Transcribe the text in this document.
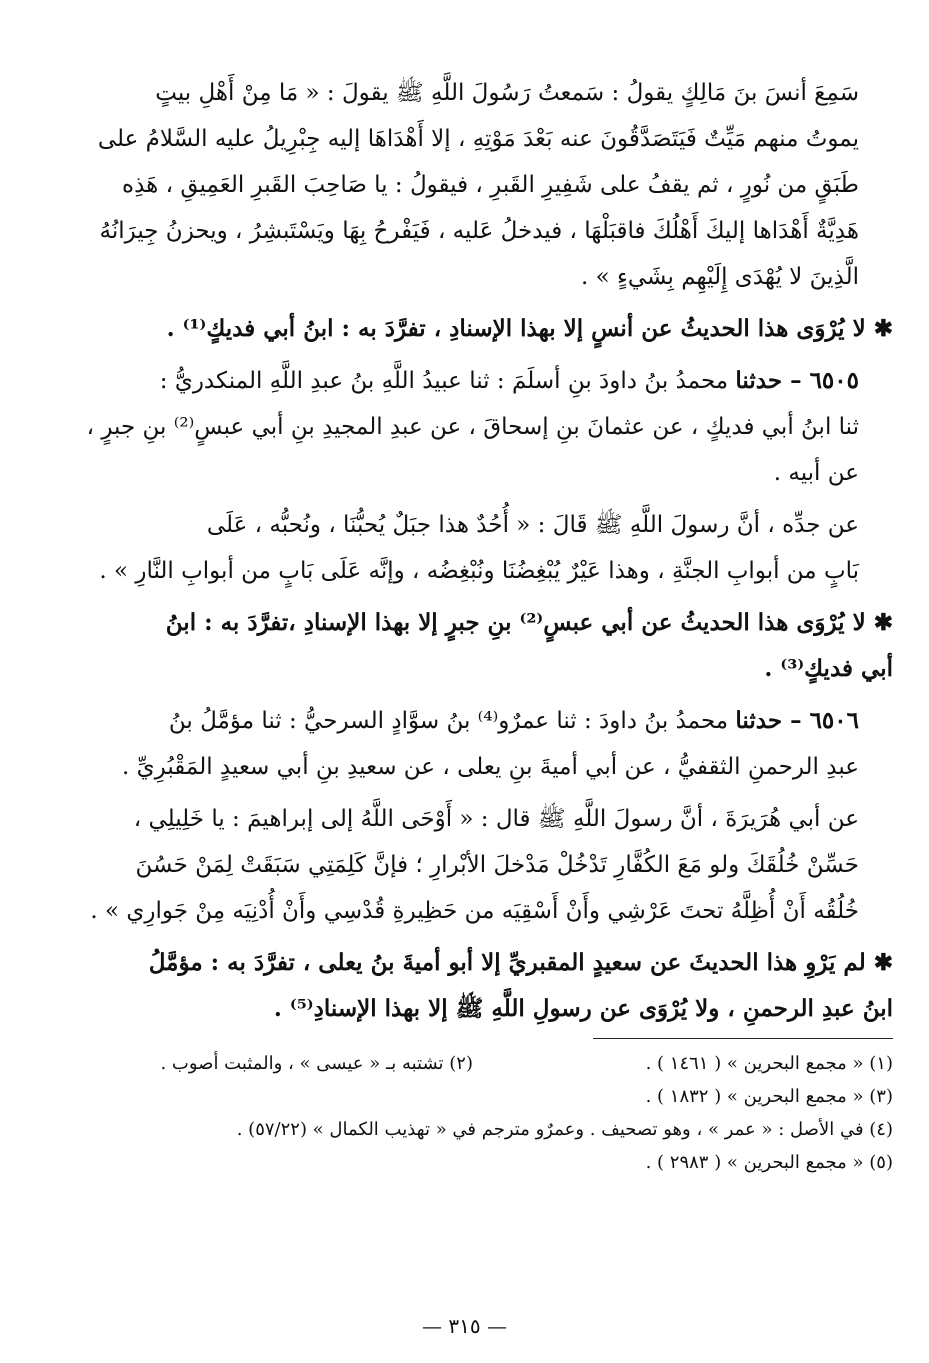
سَمِعَ أنسَ بنَ مَالِكٍ يقولُ : سَمعتُ رَسُولَ اللَّهِ ﷺ يقولَ : « مَا مِنْ أَهْلِ بيتٍ
يموتُ منهم مَيِّتٌ فَيَتَصَدَّقُونَ عنه بَعْدَ مَوْتِهِ ، إلا أَهْدَاهَا إليه جِبْرِيلُ عليه السَّلامُ على
طَبَقٍ من نُورٍ ، ثم يقفُ على شَفِيرِ القَبرِ ، فيقولُ : يا صَاحِبَ القَبرِ العَمِيقِ ، هَذِه
هَدِيَّةٌ أَهْدَاها إليكَ أَهْلُكَ فاقبَلْهَا ، فيدخلُ عَليه ، فَيَفْرحُ بِهَا ويَسْتَبشِرُ ، ويحزنُ جِيرَانُهُ
الَّذِينَ لا يُهْدَى إِلَيْهِم بِشَيءٍ » .
✱ لا يُرْوَى هذا الحديثُ عن أنسٍ إلا بهذا الإسنادِ ، تفرَّدَ به : ابنُ أبي فديكٍ⁽¹⁾ .
٦٥٠٥ – حدثنا محمدُ بنُ داودَ بنِ أسلَمَ : ثنا عبيدُ اللَّهِ بنُ عبدِ اللَّهِ المنكدريُّ :
ثنا ابنُ أبي فديكٍ ، عن عثمانَ بنِ إسحاقَ ، عن عبدِ المجيدِ بنِ أبي عبسٍ⁽²⁾ بنِ جبرٍ ،
عن أبيه .
عن جدِّه ، أنَّ رسولَ اللَّهِ ﷺ قَالَ : « أُحُدٌ هذا جبَلٌ يُحبُّنَا ، ونُحبُّه ، عَلَى
بَابٍ من أبوابِ الجنَّةِ ، وهذا عَيْرٌ يُبْغِضُنَا ونُبْغِضُه ، وإنَّه عَلَى بَابٍ من أبوابِ النَّارِ » .
✱ لا يُرْوَى هذا الحديثُ عن أبي عبسٍ⁽²⁾ بنِ جبرٍ إلا بهذا الإسنادِ ،تفرَّدَ به : ابنُ
أبي فديكٍ⁽³⁾ .
٦٥٠٦ – حدثنا محمدُ بنُ داودَ : ثنا عمرٌو⁽⁴⁾ بنُ سوَّادٍ السرحيُّ : ثنا مؤمَّلُ بنُ
عبدِ الرحمنِ الثقفيُّ ، عن أبي أميةَ بنِ يعلى ، عن سعيدِ بنِ أبي سعيدٍ المَقْبُرِيِّ .
عن أبي هُرَيرَةَ ، أنَّ رسولَ اللَّهِ ﷺ قال : « أَوْحَى اللَّهُ إلى إبراهيمَ : يا خَلِيلِي ،
حَسِّنْ خُلُقَكَ ولو مَعَ الكُفَّارِ تَدْخُلْ مَدْخلَ الأبْرارِ ؛ فإنَّ كَلِمَتِي سَبَقَتْ لِمَنْ حَسُنَ
خُلُقُه أَنْ أُظِلَّهُ تحتَ عَرْشِي وأَنْ أَسْقِيَه من حَظِيرةِ قُدْسِي وأَنْ أُدْنِيَه مِنْ جَوارِي » .
✱ لم يَرْوِ هذا الحديثَ عن سعيدٍ المقبريِّ إلا أبو أميةَ بنُ يعلى ، تفرَّدَ به : مؤمَّلُ
ابنُ عبدِ الرحمنِ ، ولا يُرْوَى عن رسولِ اللَّهِ ﷺ إلا بهذا الإسنادِ⁽⁵⁾ .
(١) « مجمع البحرين » ( ١٤٦١ ) .
(٢) تشتبه بـ « عيسى » ، والمثبت أصوب .
(٣) « مجمع البحرين » ( ١٨٣٢ ) .
(٤) في الأصل : « عمر » ، وهو تصحيف . وعمرٌو مترجم في « تهذيب الكمال » (٥٧/٢٢) .
(٥) « مجمع البحرين » ( ٢٩٨٣ ) .
— ٣١٥ —
